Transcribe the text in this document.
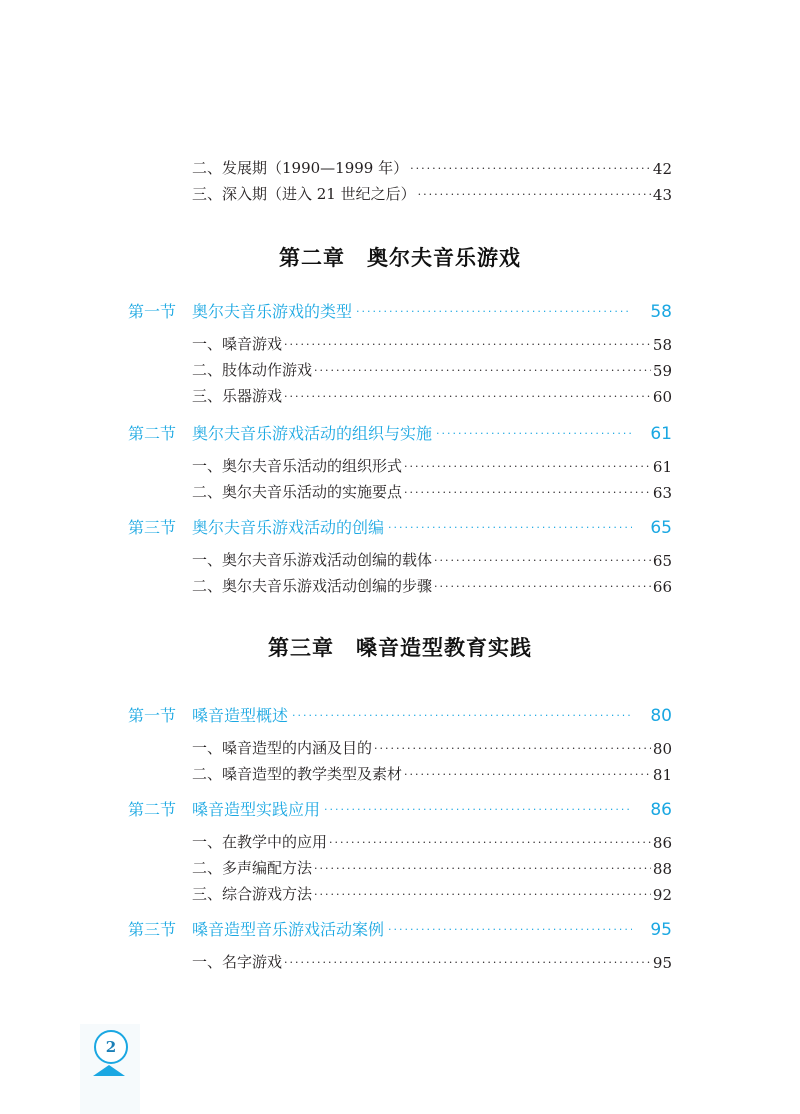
二、发展期（1990—1999 年） ·····	42
三、深入期（进入 21 世纪之后） ·····	43
第二章 奥尔夫音乐游戏
第一节 奥尔夫音乐游戏的类型 ·····	58
一、嗓音游戏 ·····	58
二、肢体动作游戏 ·····	59
三、乐器游戏 ·····	60
第二节 奥尔夫音乐游戏活动的组织与实施 ·····	61
一、奥尔夫音乐活动的组织形式 ·····	61
二、奥尔夫音乐活动的实施要点 ·····	63
第三节 奥尔夫音乐游戏活动的创编 ·····	65
一、奥尔夫音乐游戏活动创编的载体 ·····	65
二、奥尔夫音乐游戏活动创编的步骤 ·····	66
第三章 嗓音造型教育实践
第一节 嗓音造型概述 ·····	80
一、嗓音造型的内涵及目的 ·····	80
二、嗓音造型的教学类型及素材 ·····	81
第二节 嗓音造型实践应用 ·····	86
一、在教学中的应用 ·····	86
二、多声编配方法 ·····	88
三、综合游戏方法 ·····	92
第三节 嗓音造型音乐游戏活动案例 ·····	95
一、名字游戏 ·····	95
2
